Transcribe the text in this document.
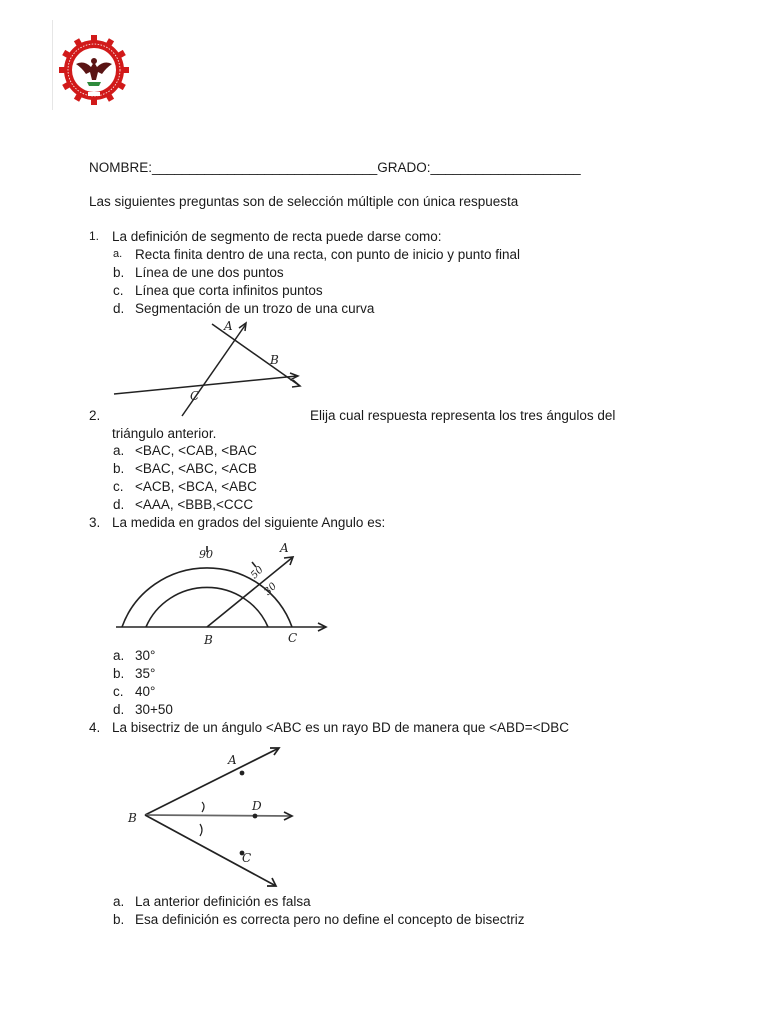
NOMBRE:______________________________GRADO:____________________
Las siguientes preguntas son de selección múltiple con única respuesta
1. La definición de segmento de recta puede darse como:
a. Recta finita dentro de una recta, con punto de inicio y punto final
b. Línea de une dos puntos
c. Línea que corta infinitos puntos
d. Segmentación de un trozo de una curva
A
B
C
2.	Elija cual respuesta representa los tres ángulos del
triángulo anterior.
a. <BAC, <CAB, <BAC
b. <BAC, <ABC, <ACB
c. <ACB, <BCA, <ABC
d. <AAA, <BBB,<CCC
3. La medida en grados del siguiente Angulo es:
90	A
50
30
B	C
a. 30°
b. 35°
c. 40°
d. 30+50
4. La bisectriz de un ángulo <ABC es un rayo BD de manera que <ABD=<DBC
A
B
D
C
a. La anterior definición es falsa
b. Esa definición es correcta pero no define el concepto de bisectriz
